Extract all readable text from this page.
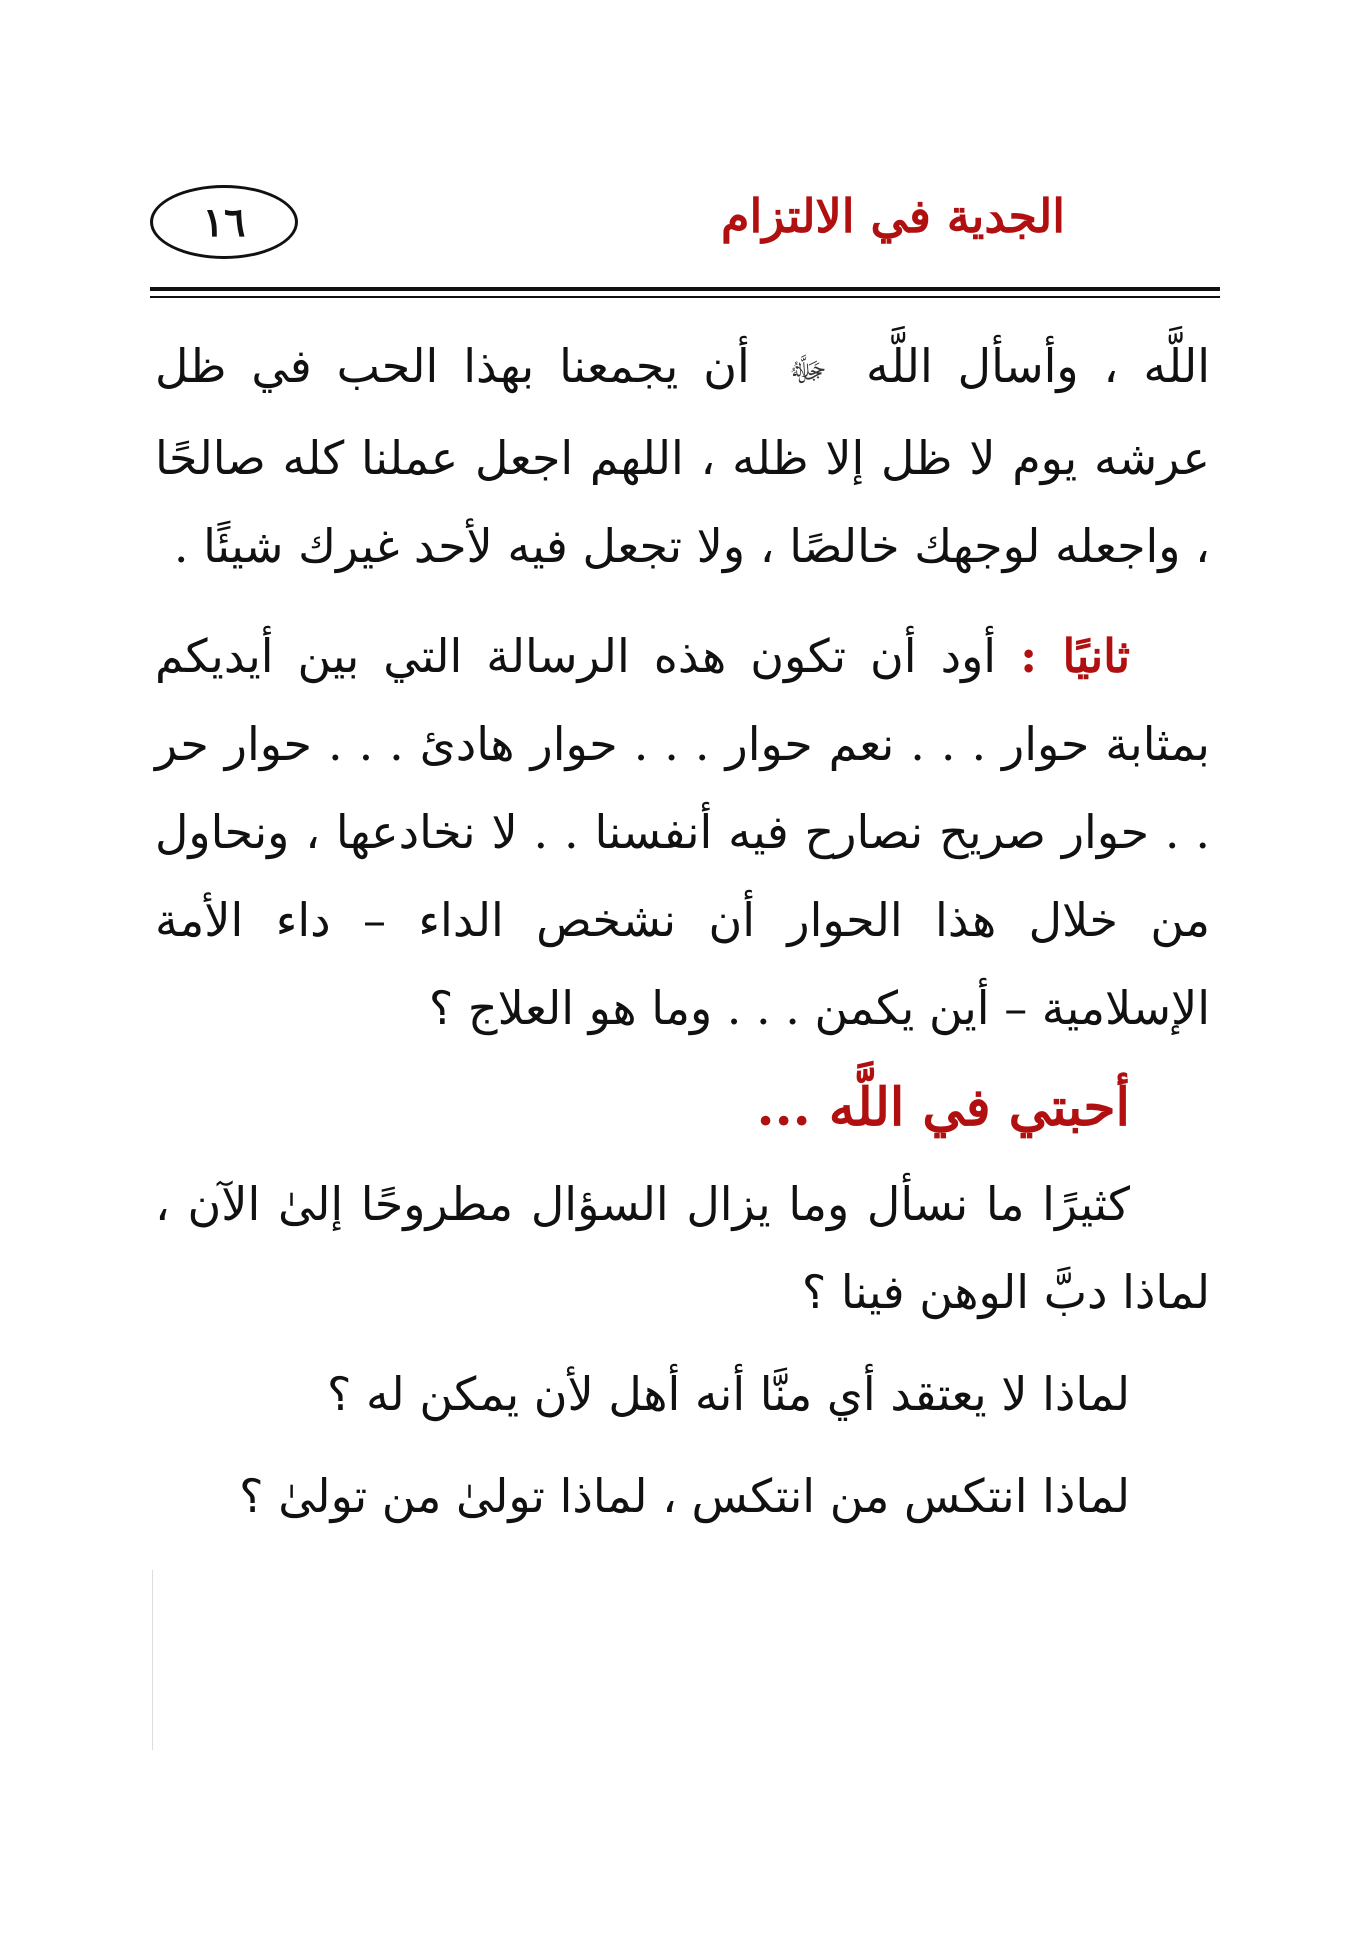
١٦	الجدية في الالتزام

اللَّه ، وأسأل اللَّه ﷻ أن يجمعنا بهذا الحب في ظل عرشه يوم لا ظل إلا ظله ، اللهم اجعل عملنا كله صالحًا ، واجعله لوجهك خالصًا ، ولا تجعل فيه لأحد غيرك شيئًا .

ثانيًا : أود أن تكون هذه الرسالة التي بين أيديكم بمثابة حوار . . . نعم حوار . . . حوار هادئ . . . حوار حر . . حوار صريح نصارح فيه أنفسنا . . لا نخادعها ، ونحاول من خلال هذا الحوار أن نشخص الداء – داء الأمة الإسلامية – أين يكمن . . . وما هو العلاج ؟

أحبتي في اللَّه ...

كثيرًا ما نسأل وما يزال السؤال مطروحًا إلىٰ الآن ، لماذا دبَّ الوهن فينا ؟

لماذا لا يعتقد أي منَّا أنه أهل لأن يمكن له ؟

لماذا انتكس من انتكس ، لماذا تولىٰ من تولىٰ ؟
